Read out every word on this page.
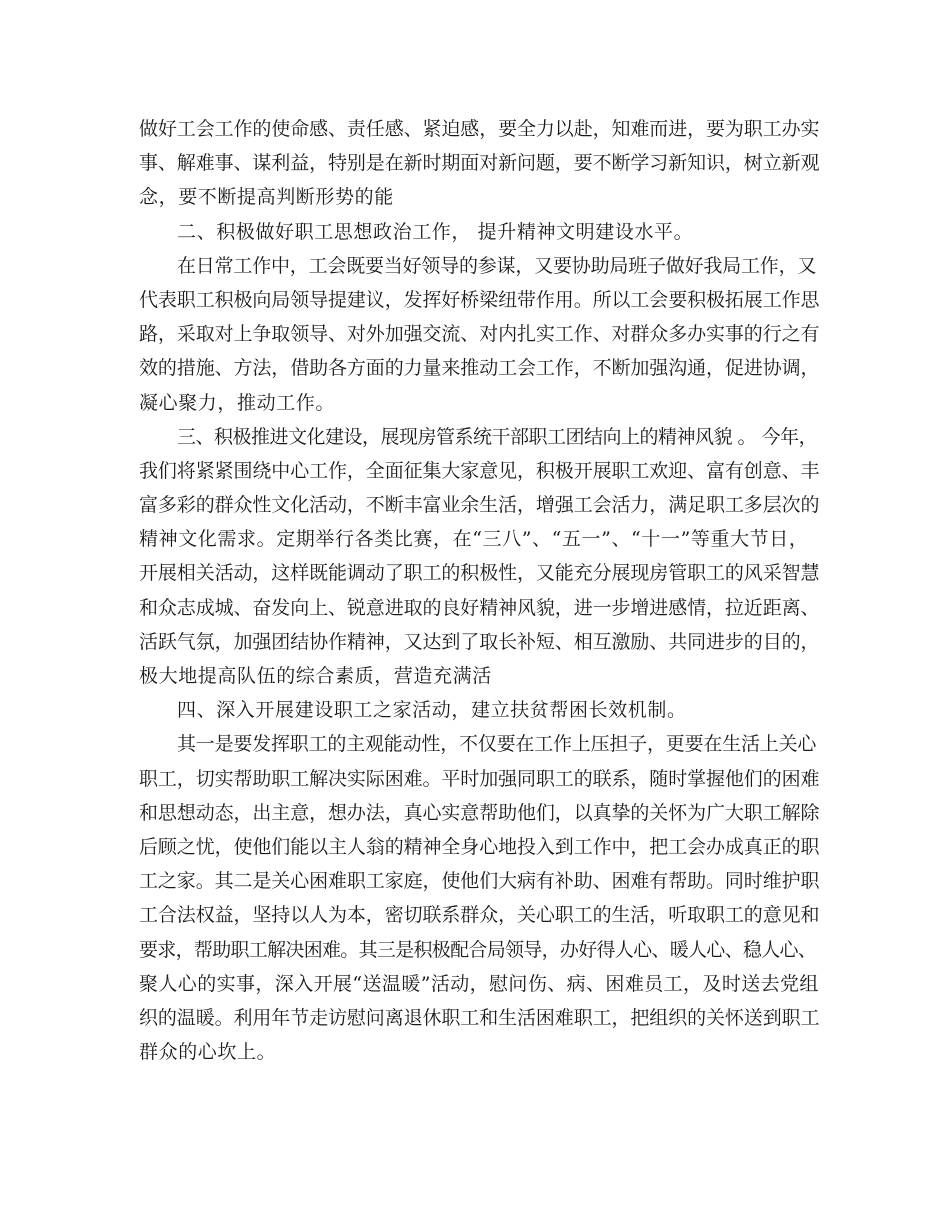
做好工会工作的使命感、责任感、紧迫感，要全力以赴，知难而进，要为职工办实
事、解难事、谋利益，特别是在新时期面对新问题，要不断学习新知识，树立新观
念，要不断提高判断形势的能
二、积极做好职工思想政治工作， 提升精神文明建设水平。
在日常工作中，工会既要当好领导的参谋，又要协助局班子做好我局工作，又
代表职工积极向局领导提建议，发挥好桥梁纽带作用。所以工会要积极拓展工作思
路，采取对上争取领导、对外加强交流、对内扎实工作、对群众多办实事的行之有
效的措施、方法，借助各方面的力量来推动工会工作，不断加强沟通，促进协调，
凝心聚力，推动工作。
三、积极推进文化建设，展现房管系统干部职工团结向上的精神风貌 。 今年，
我们将紧紧围绕中心工作，全面征集大家意见，积极开展职工欢迎、富有创意、丰
富多彩的群众性文化活动，不断丰富业余生活，增强工会活力，满足职工多层次的
精神文化需求。定期举行各类比赛，在“三八”、“五一”、“十一”等重大节日，
开展相关活动，这样既能调动了职工的积极性，又能充分展现房管职工的风采智慧
和众志成城、奋发向上、锐意进取的良好精神风貌，进一步增进感情，拉近距离、
活跃气氛，加强团结协作精神，又达到了取长补短、相互激励、共同进步的目的，
极大地提高队伍的综合素质，营造充满活
四、深入开展建设职工之家活动，建立扶贫帮困长效机制。
其一是要发挥职工的主观能动性，不仅要在工作上压担子，更要在生活上关心
职工，切实帮助职工解决实际困难。平时加强同职工的联系，随时掌握他们的困难
和思想动态，出主意，想办法，真心实意帮助他们，以真挚的关怀为广大职工解除
后顾之忧，使他们能以主人翁的精神全身心地投入到工作中，把工会办成真正的职
工之家。其二是关心困难职工家庭，使他们大病有补助、困难有帮助。同时维护职
工合法权益，坚持以人为本，密切联系群众，关心职工的生活，听取职工的意见和
要求，帮助职工解决困难。其三是积极配合局领导，办好得人心、暖人心、稳人心、
聚人心的实事，深入开展“送温暖”活动，慰问伤、病、困难员工，及时送去党组
织的温暖。利用年节走访慰问离退休职工和生活困难职工，把组织的关怀送到职工
群众的心坎上。
